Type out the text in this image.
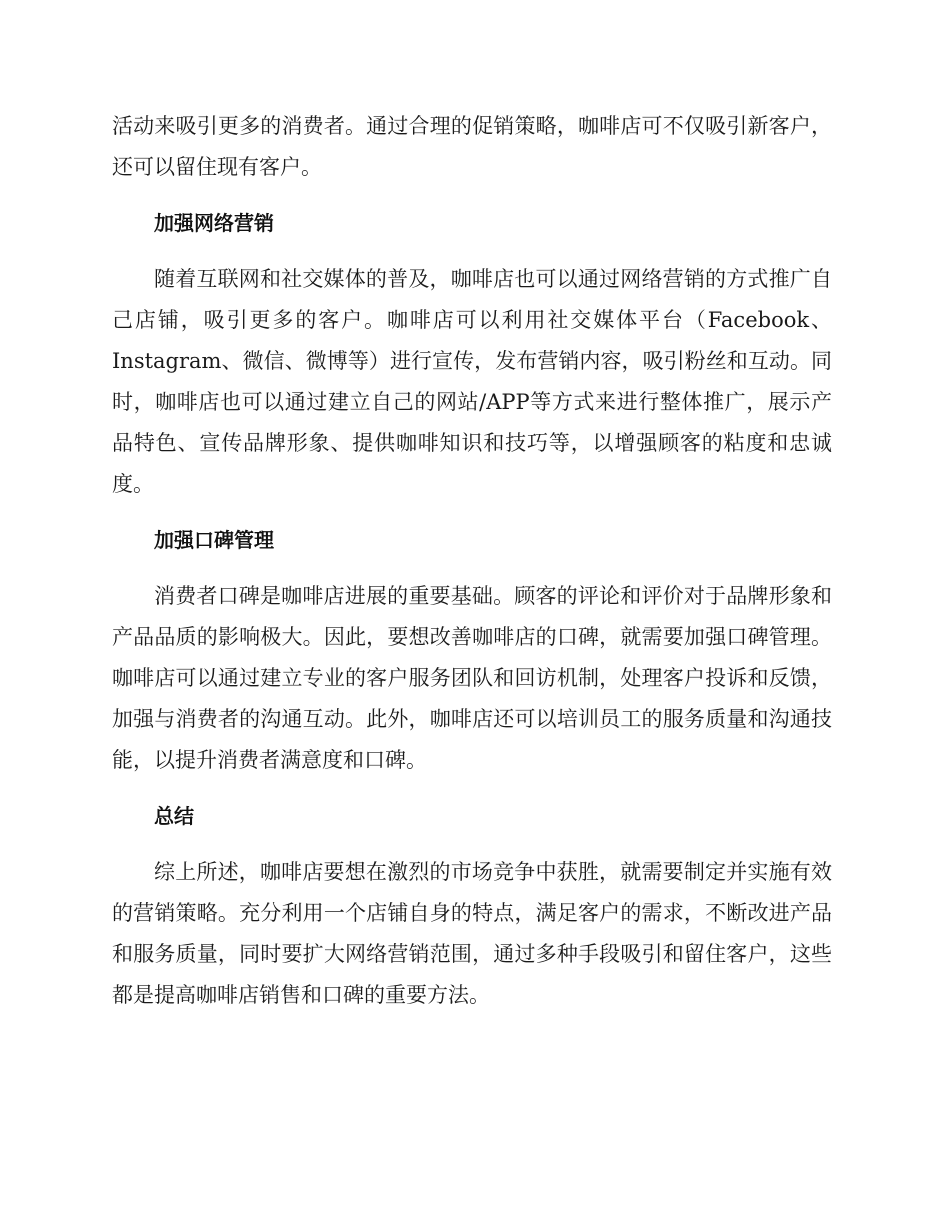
活动来吸引更多的消费者。通过合理的促销策略，咖啡店可不仅吸引新客户，还可以留住现有客户。

加强网络营销

随着互联网和社交媒体的普及，咖啡店也可以通过网络营销的方式推广自己店铺，吸引更多的客户。咖啡店可以利用社交媒体平台（Facebook、Instagram、微信、微博等）进行宣传，发布营销内容，吸引粉丝和互动。同时，咖啡店也可以通过建立自己的网站/APP等方式来进行整体推广，展示产品特色、宣传品牌形象、提供咖啡知识和技巧等，以增强顾客的粘度和忠诚度。

加强口碑管理

消费者口碑是咖啡店进展的重要基础。顾客的评论和评价对于品牌形象和产品品质的影响极大。因此，要想改善咖啡店的口碑，就需要加强口碑管理。咖啡店可以通过建立专业的客户服务团队和回访机制，处理客户投诉和反馈，加强与消费者的沟通互动。此外，咖啡店还可以培训员工的服务质量和沟通技能，以提升消费者满意度和口碑。

总结

综上所述，咖啡店要想在激烈的市场竞争中获胜，就需要制定并实施有效的营销策略。充分利用一个店铺自身的特点，满足客户的需求，不断改进产品和服务质量，同时要扩大网络营销范围，通过多种手段吸引和留住客户，这些都是提高咖啡店销售和口碑的重要方法。
